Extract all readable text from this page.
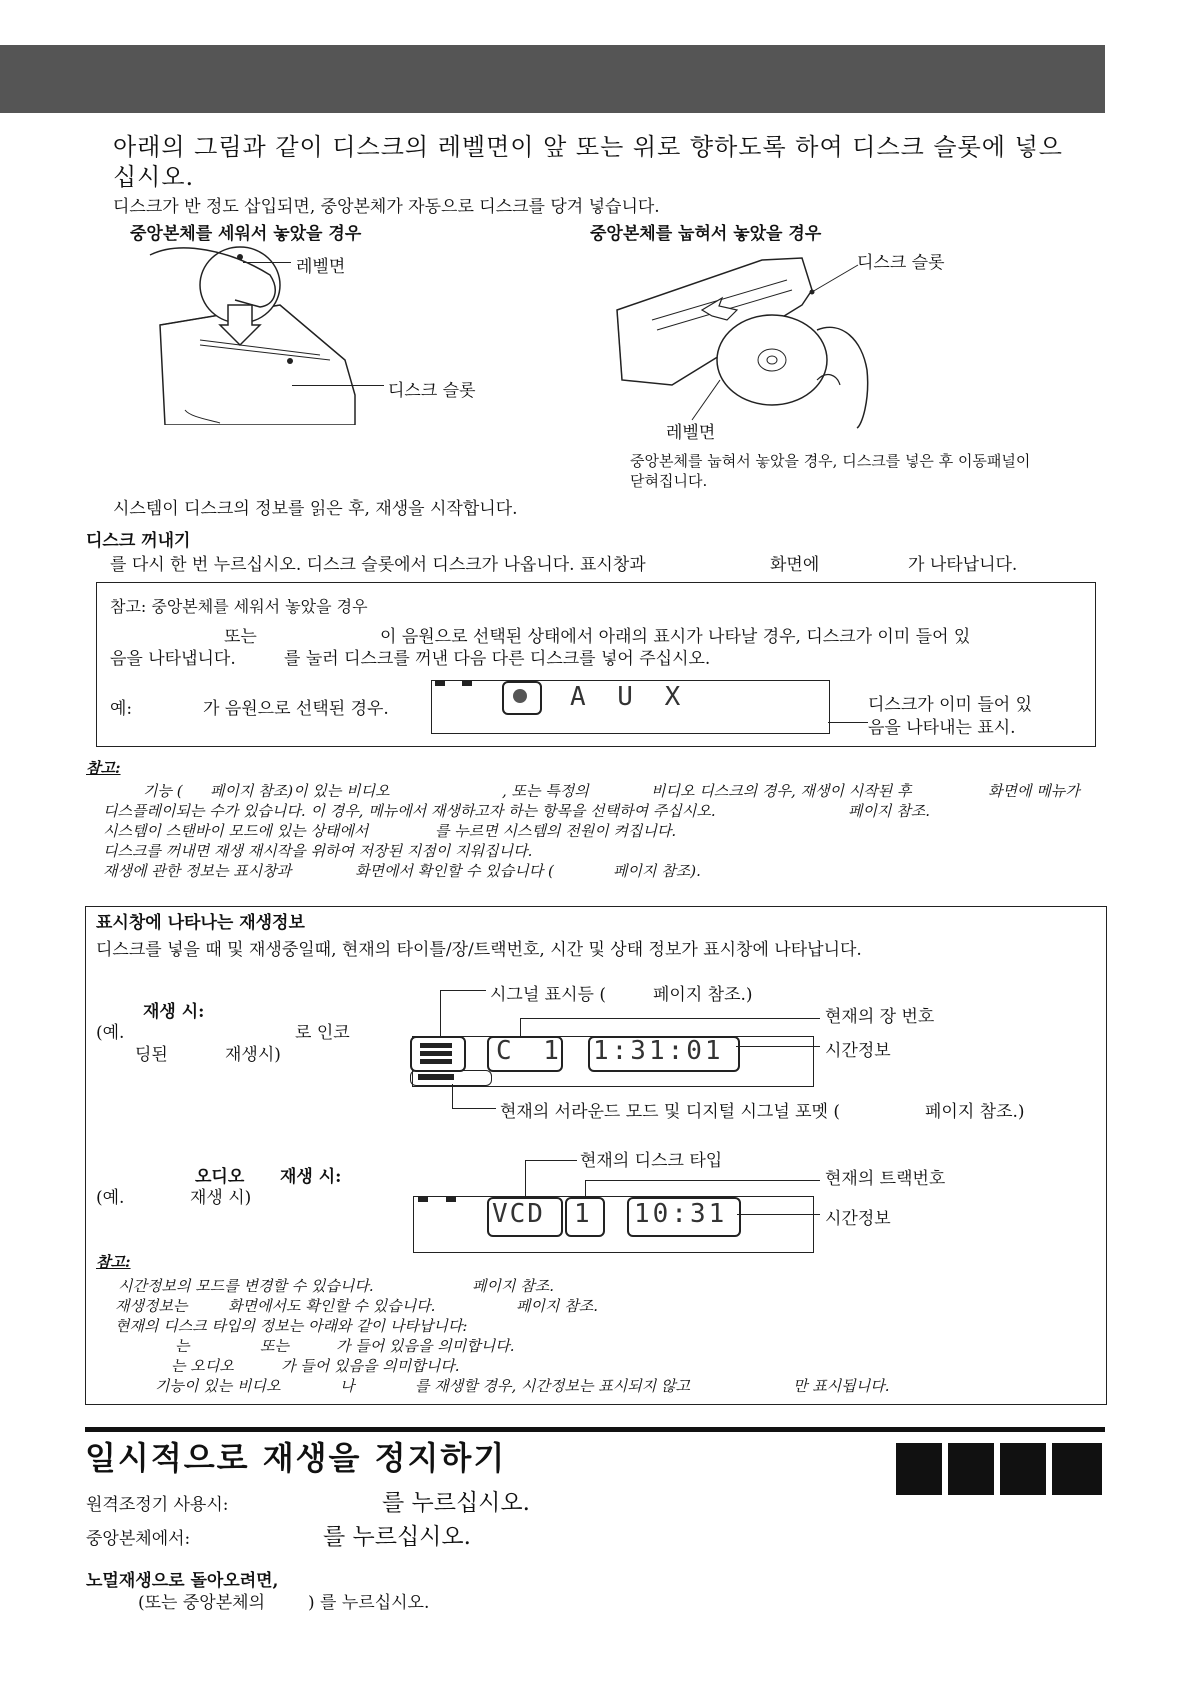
아래의 그림과 같이 디스크의 레벨면이 앞 또는 위로 향하도록 하여 디스크 슬롯에 넣으
십시오.
디스크가 반 정도 삽입되면, 중앙본체가 자동으로 디스크를 당겨 넣습니다.
중앙본체를 세워서 놓았을 경우	중앙본체를 눕혀서 놓았을 경우
레벨면
디스크 슬롯
디스크 슬롯
레벨면
중앙본체를 눕혀서 놓았을 경우, 디스크를 넣은 후 이동패널이
닫혀집니다.
시스템이 디스크의 정보를 읽은 후, 재생을 시작합니다.
디스크 꺼내기
를 다시 한 번 누르십시오. 디스크 슬롯에서 디스크가 나옵니다. 표시창과	화면에	가 나타납니다.
참고: 중앙본체를 세워서 놓았을 경우
또는	이 음원으로 선택된 상태에서 아래의 표시가 나타날 경우, 디스크가 이미 들어 있
음을 나타냅니다.	를 눌러 디스크를 꺼낸 다음 다른 디스크를 넣어 주십시오.
예:	가 음원으로 선택된 경우.	A U X	디스크가 이미 들어 있
음을 나타내는 표시.
참고:
기능 ( 페이지 참조)이 있는 비디오	, 또는 특정의	비디오 디스크의 경우, 재생이 시작된 후	화면에 메뉴가
디스플레이되는 수가 있습니다. 이 경우, 메뉴에서 재생하고자 하는 항목을 선택하여 주십시오.	페이지 참조.
시스템이 스탠바이 모드에 있는 상태에서	를 누르면 시스템의 전원이 켜집니다.
디스크를 꺼내면 재생 재시작을 위하여 저장된 지점이 지워집니다.
재생에 관한 정보는 표시창과	화면에서 확인할 수 있습니다 (	페이지 참조).
표시창에 나타나는 재생정보
디스크를 넣을 때 및 재생중일때, 현재의 타이틀/장/트랙번호, 시간 및 상태 정보가 표시창에 나타납니다.
재생 시:
(예.	로 인코
딩된	재생시)
시그널 표시등 (	페이지 참조.)
현재의 장 번호
C 1 1:31:01	시간정보
현재의 서라운드 모드 및 디지털 시그널 포멧 (	페이지 참조.)
오디오 재생 시:
(예.	재생 시)
현재의 디스크 타입
현재의 트랙번호
VCD 1 10:31	시간정보
참고:
시간정보의 모드를 변경할 수 있습니다.	페이지 참조.
재생정보는	화면에서도 확인할 수 있습니다.	페이지 참조.
현재의 디스크 타입의 정보는 아래와 같이 나타납니다:
는	또는	가 들어 있음을 의미합니다.
는 오디오	가 들어 있음을 의미합니다.
기능이 있는 비디오	나	를 재생할 경우, 시간정보는 표시되지 않고	만 표시됩니다.
일시적으로 재생을 정지하기
원격조정기 사용시:	를 누르십시오.
중앙본체에서:	를 누르십시오.
노멀재생으로 돌아오려면,
(또는 중앙본체의	) 를 누르십시오.
